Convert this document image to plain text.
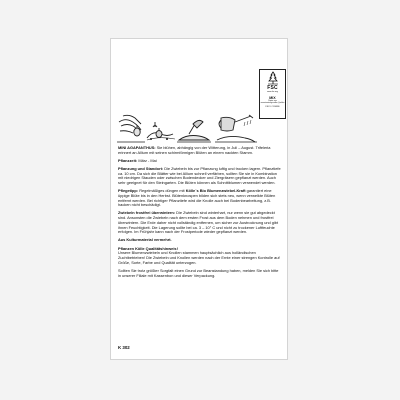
FSC
www.fsc.org
MIX
Papier aus verantwortungsvollen Quellen
FSC® C114886

MINI AGAPANTHUS: Sie blühen, abhängig von der Witterung, in Juli – August. Trifeleria erinnert an Allium mit seinen schirmförmigen Blüten an einem nackten Stamm.

Pflanzzeit: März - Mai

Pflanzung und Standort: Die Zwiebeln bis zur Pflanzung luftig und trocken lagern. Pflanztiefe ca. 10 cm. Da sich die Blätter wie bei Allium schnell verfärben, sollten Sie sie in Kombination mit niedrigen Stauden oder zwischen Bodendecker und Ziergräsern gepflanzt werden. Auch sehr geeignet für den Steingarten. Die Blüten können als Schnittblumen verwendet werden.

Pflegetipp: Regelmäßiges düngen mit Kölle´s Bio Blumenzwiebel-Kraft garantiert eine üppige Blüte bis in den Herbst. Blütenknospen bilden sich stets neu, wenn verwelkte Blüten entfernt werden. Bei richtiger Pflanztiefe wird die Knolle auch bei Bodenbearbeitung, z.B. hacken nicht beschädigt.

Zwiebeln frostfrei überwintern: Die Zwiebeln sind winterhart, nur wenn sie gut abgedeckt sind. Ansonsten die Zwiebeln nach dem ersten Frost aus dem Boden nehmen und frostfrei überwintern. Die Erde daher nicht vollständig entfernen, um sicher zur Austrocknung und gibt ihnen Feuchtigkeit. Die Lagerung sollte bei ca. 3 – 10° C und nicht zu trockener Luftfeuchte erfolgen. Im Frühjahr kann nach der Frostperiode wieder gepflanzt werden.

Aus Kulturmaterial vermehrt.

Pflanzen Kölle Qualitätshinweis!
Unsere Blumenzwiebeln und Knollen stammen hauptsächlich aus holländischen Zuchtbetrieben! Die Zwiebeln und Knollen werden nach der Ernte einer strengen Kontrolle auf Größe, Sorte, Farbe und Qualität unterzogen.

Sollten Sie trotz größter Sorgfalt einen Grund zur Beanstandung haben, melden Sie sich bitte in unserer Filiale mit Kassenbon und dieser Verpackung.

K 302
